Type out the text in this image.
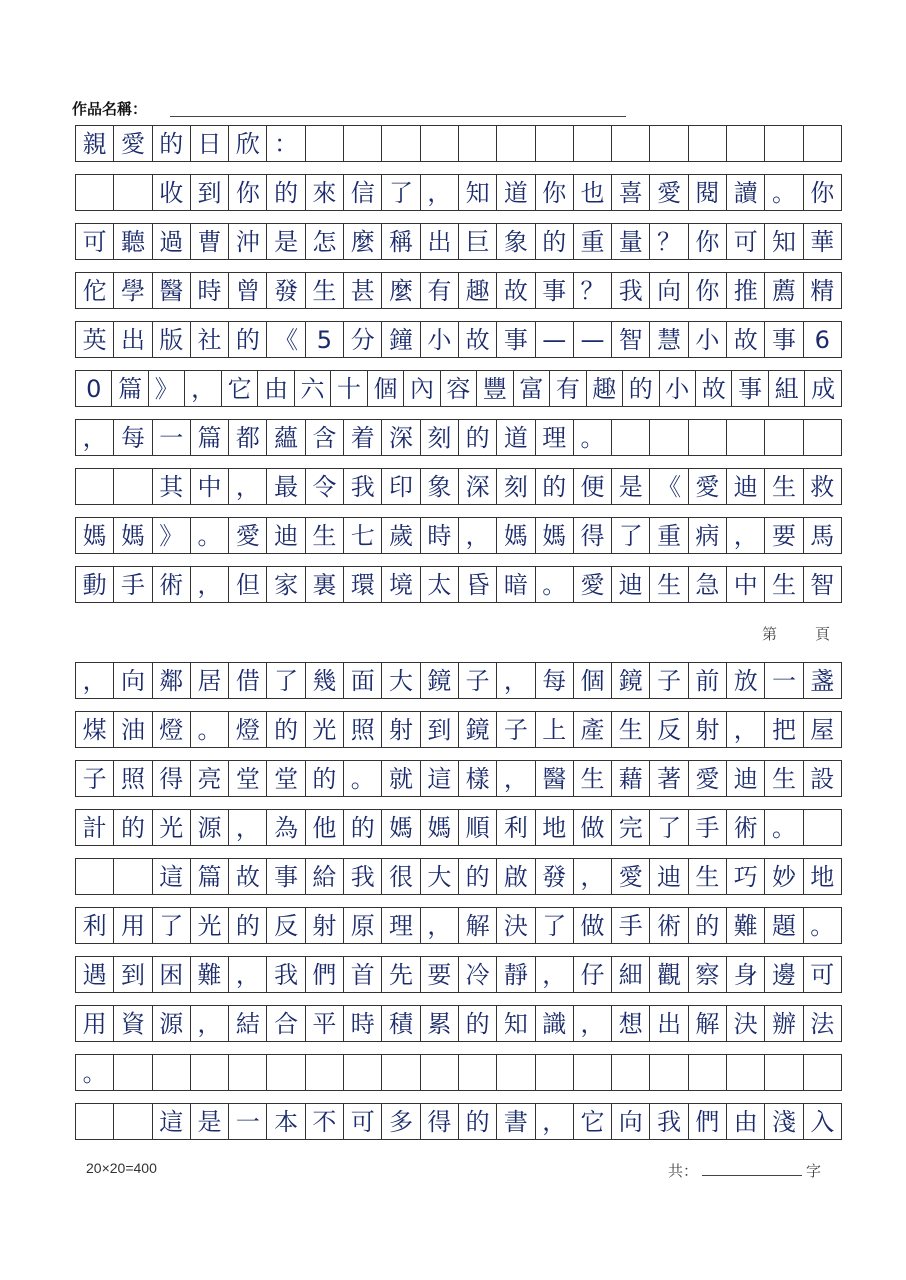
作品名稱：
親 愛 的 日 欣 ：
收 到 你 的 來 信 了 ， 知 道 你 也 喜 愛 閱 讀 。 你
可 聽 過 曹 沖 是 怎 麼 稱 出 巨 象 的 重 量 ？ 你 可 知 華
佗 學 醫 時 曾 發 生 甚 麼 有 趣 故 事 ？ 我 向 你 推 薦 精
英 出 版 社 的 《 5 分 鐘 小 故 事 — — 智 慧 小 故 事 6
0 篇 》 ， 它 由 六 十 個 內 容 豐 富 有 趣 的 小 故 事 組 成
， 每 一 篇 都 蘊 含 着 深 刻 的 道 理 。
其 中 ， 最 令 我 印 象 深 刻 的 便 是 《 愛 迪 生 救
媽 媽 》 。 愛 迪 生 七 歲 時 ， 媽 媽 得 了 重 病 ， 要 馬
動 手 術 ， 但 家 裏 環 境 太 昏 暗 。 愛 迪 生 急 中 生 智
， 向 鄰 居 借 了 幾 面 大 鏡 子 ， 每 個 鏡 子 前 放 一 盞
煤 油 燈 。 燈 的 光 照 射 到 鏡 子 上 產 生 反 射 ， 把 屋
子 照 得 亮 堂 堂 的 。 就 這 樣 ， 醫 生 藉 著 愛 迪 生 設
計 的 光 源 ， 為 他 的 媽 媽 順 利 地 做 完 了 手 術 。
這 篇 故 事 給 我 很 大 的 啟 發 ， 愛 迪 生 巧 妙 地
利 用 了 光 的 反 射 原 理 ， 解 決 了 做 手 術 的 難 題 。
遇 到 困 難 ， 我 們 首 先 要 冷 靜 ， 仔 細 觀 察 身 邊 可
用 資 源 ， 結 合 平 時 積 累 的 知 識 ， 想 出 解 決 辦 法
。
這 是 一 本 不 可 多 得 的 書 ， 它 向 我 們 由 淺 入
第頁
20×20=400	共：	字
